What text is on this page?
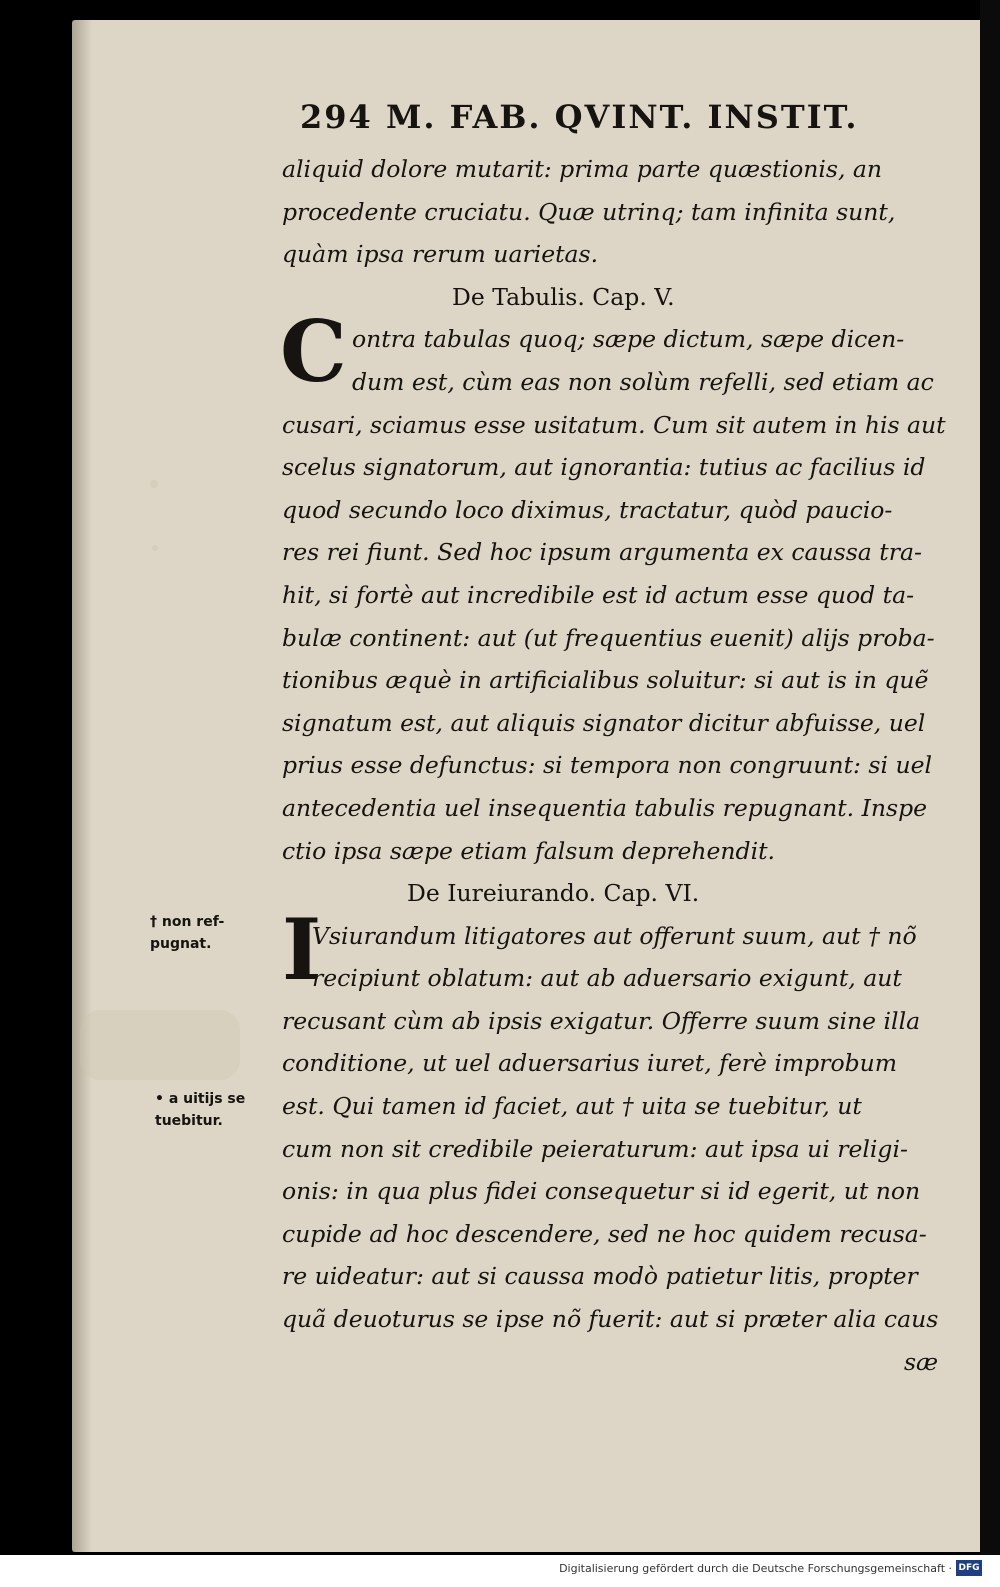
294 M. FAB. QVINT. INSTIT.
C
I
aliquid dolore mutarit: prima parte quæstionis, an
procedente cruciatu. Quæ utrinq; tam infinita sunt,
quàm ipsa rerum uarietas.
De Tabulis. Cap. V.
ontra tabulas quoq; sæpe dictum, sæpe dicen-
dum est, cùm eas non solùm refelli, sed etiam ac
cusari, sciamus esse usitatum. Cum sit autem in his aut
scelus signatorum, aut ignorantia: tutius ac facilius id
quod secundo loco diximus, tractatur, quòd paucio-
res rei fiunt. Sed hoc ipsum argumenta ex caussa tra-
hit, si fortè aut incredibile est id actum esse quod ta-
bulæ continent: aut (ut frequentius euenit) alijs proba-
tionibus æquè in artificialibus soluitur: si aut is in quẽ
signatum est, aut aliquis signator dicitur abfuisse, uel
prius esse defunctus: si tempora non congruunt: si uel
antecedentia uel insequentia tabulis repugnant. Inspe
ctio ipsa sæpe etiam falsum deprehendit.
De Iureiurando. Cap. VI.
Vsiurandum litigatores aut offerunt suum, aut † nõ
recipiunt oblatum: aut ab aduersario exigunt, aut
recusant cùm ab ipsis exigatur. Offerre suum sine illa
conditione, ut uel aduersarius iuret, ferè improbum
est. Qui tamen id faciet, aut † uita se tuebitur, ut
cum non sit credibile peieraturum: aut ipsa ui religi-
onis: in qua plus fidei consequetur si id egerit, ut non
cupide ad hoc descendere, sed ne hoc quidem recusa-
re uideatur: aut si caussa modò patietur litis, propter
quã deuoturus se ipse nõ fuerit: aut si præter alia caus
sæ
† non ref-
pugnat.
• a uitijs se
tuebitur.
Digitalisierung gefördert durch die Deutsche Forschungsgemeinschaft · DFG
